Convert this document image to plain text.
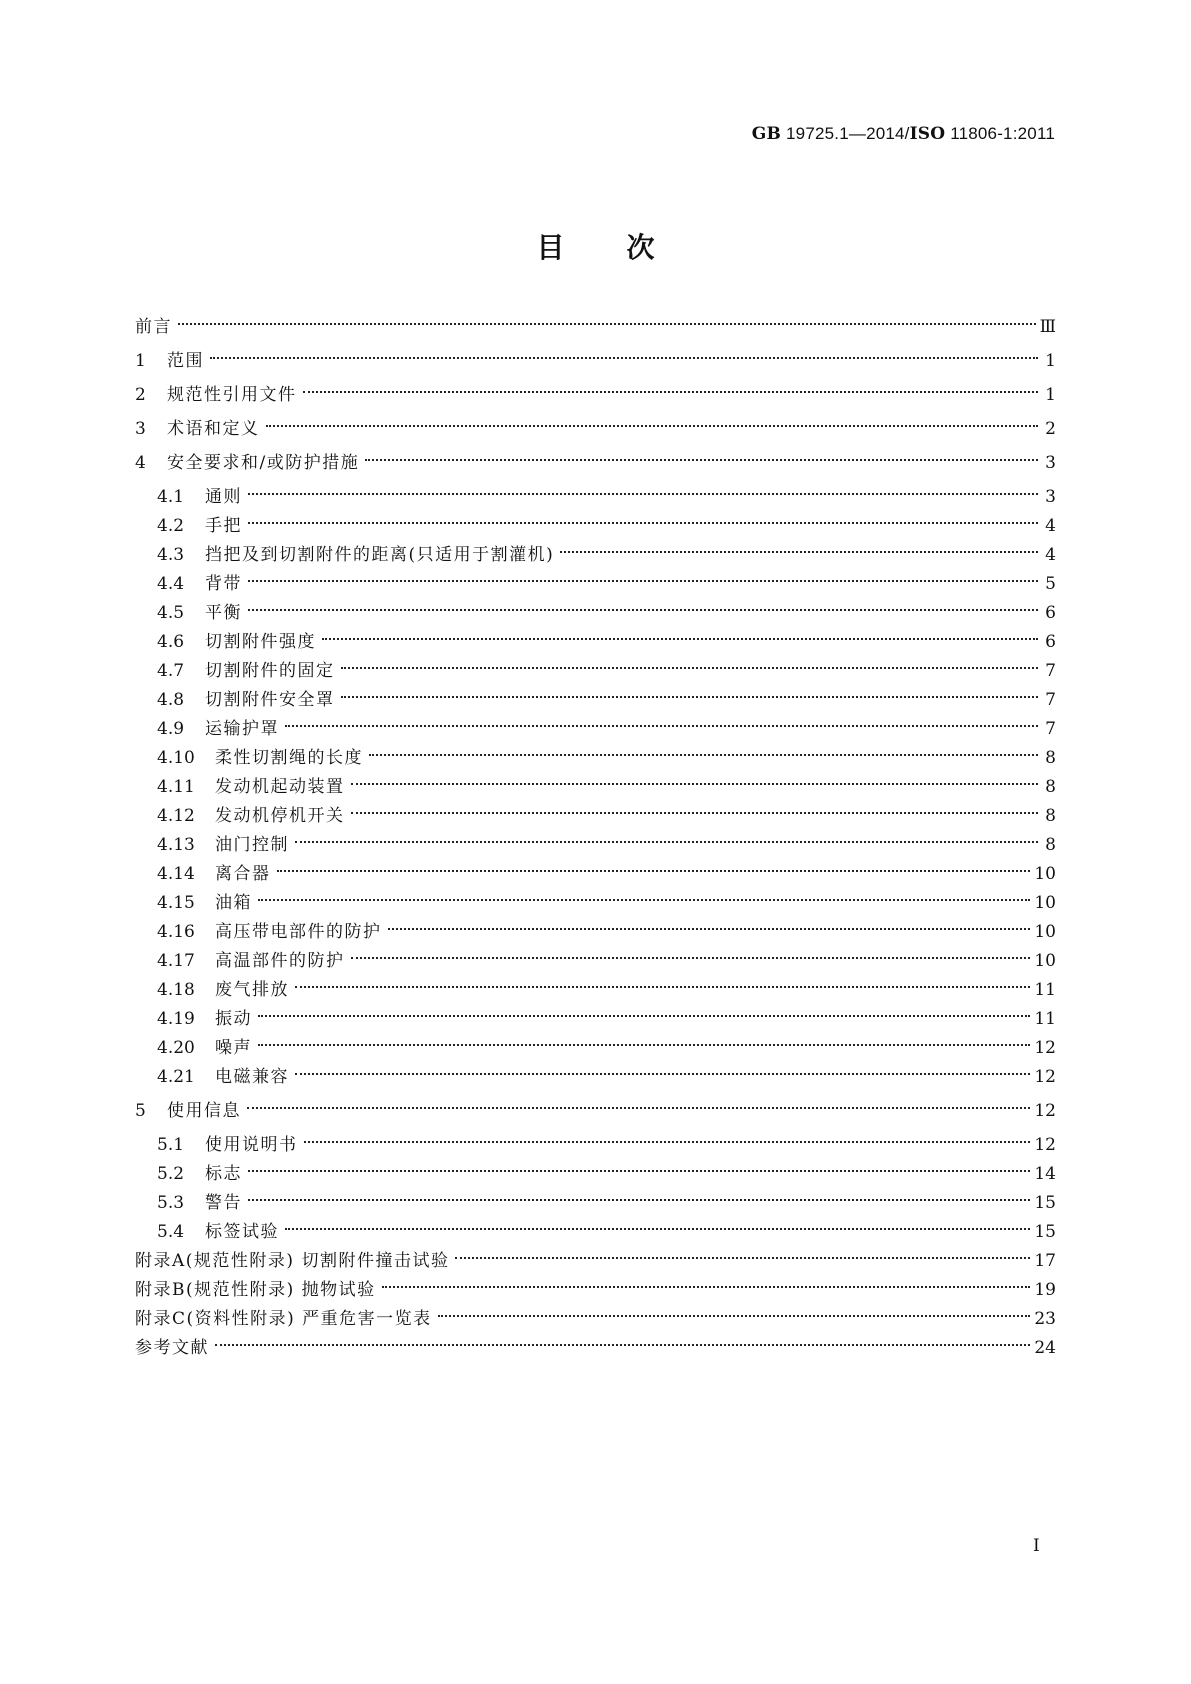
GB 19725.1—2014/ISO 11806-1:2011
目次
前言	Ⅲ
1	范围	1
2	规范性引用文件	1
3	术语和定义	2
4	安全要求和/或防护措施	3
4.1	通则	3
4.2	手把	4
4.3	挡把及到切割附件的距离(只适用于割灌机)	4
4.4	背带	5
4.5	平衡	6
4.6	切割附件强度	6
4.7	切割附件的固定	7
4.8	切割附件安全罩	7
4.9	运输护罩	7
4.10	柔性切割绳的长度	8
4.11	发动机起动装置	8
4.12	发动机停机开关	8
4.13	油门控制	8
4.14	离合器	10
4.15	油箱	10
4.16	高压带电部件的防护	10
4.17	高温部件的防护	10
4.18	废气排放	11
4.19	振动	11
4.20	噪声	12
4.21	电磁兼容	12
5	使用信息	12
5.1	使用说明书	12
5.2	标志	14
5.3	警告	15
5.4	标签试验	15
附录A(规范性附录) 切割附件撞击试验	17
附录B(规范性附录) 抛物试验	19
附录C(资料性附录) 严重危害一览表	23
参考文献	24
I
